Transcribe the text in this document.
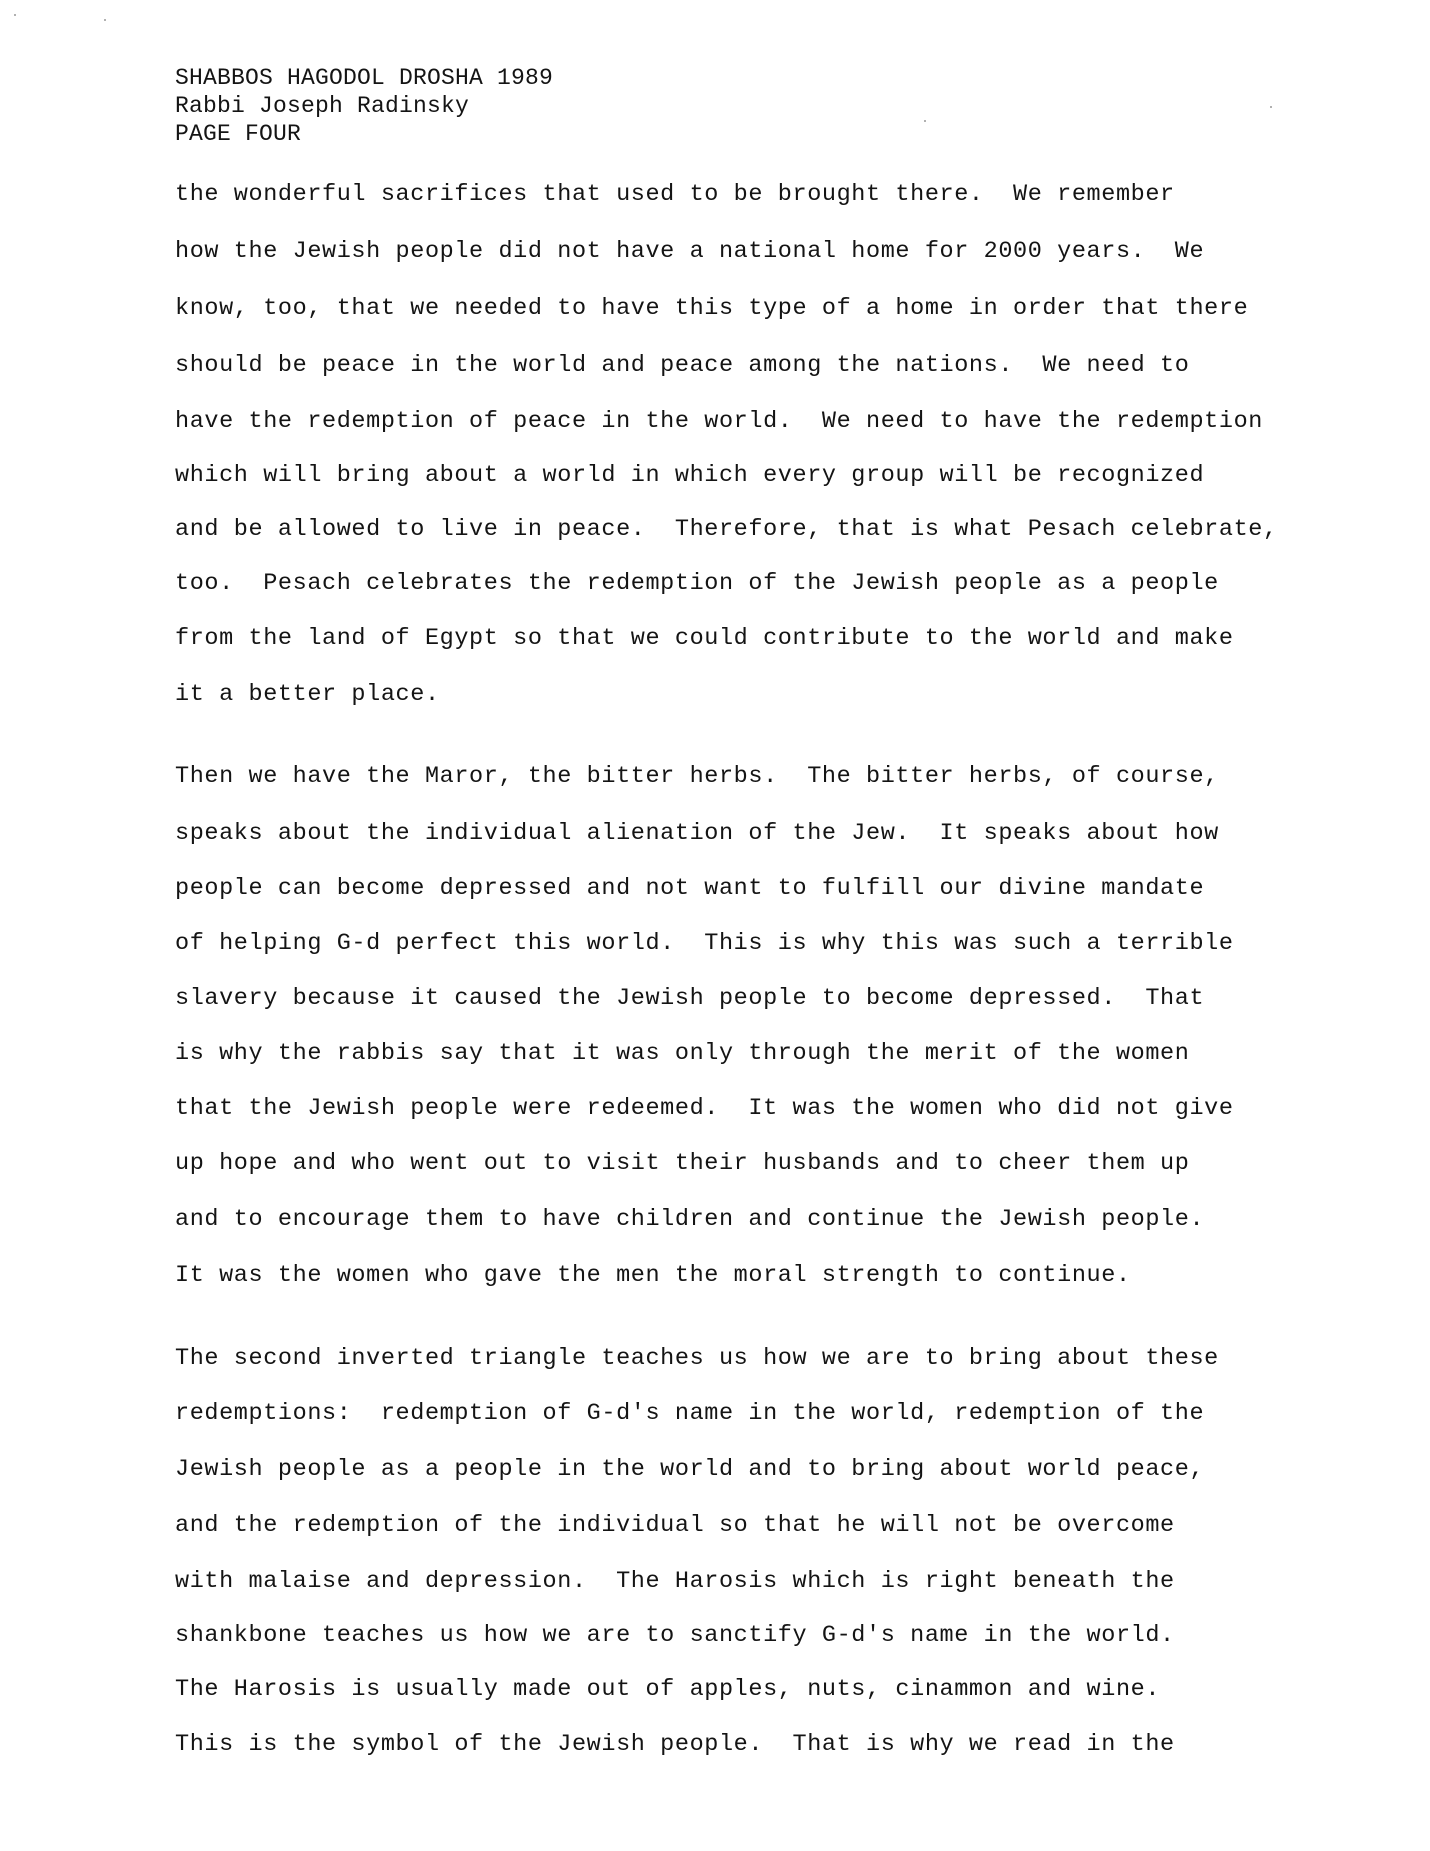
SHABBOS HAGODOL DROSHA 1989
Rabbi Joseph Radinsky
PAGE FOUR
the wonderful sacrifices that used to be brought there.  We remember
how the Jewish people did not have a national home for 2000 years.  We
know, too, that we needed to have this type of a home in order that there
should be peace in the world and peace among the nations.  We need to
have the redemption of peace in the world.  We need to have the redemption
which will bring about a world in which every group will be recognized
and be allowed to live in peace.  Therefore, that is what Pesach celebrate,
too.  Pesach celebrates the redemption of the Jewish people as a people
from the land of Egypt so that we could contribute to the world and make
it a better place.
Then we have the Maror, the bitter herbs.  The bitter herbs, of course,
speaks about the individual alienation of the Jew.  It speaks about how
people can become depressed and not want to fulfill our divine mandate
of helping G-d perfect this world.  This is why this was such a terrible
slavery because it caused the Jewish people to become depressed.  That
is why the rabbis say that it was only through the merit of the women
that the Jewish people were redeemed.  It was the women who did not give
up hope and who went out to visit their husbands and to cheer them up
and to encourage them to have children and continue the Jewish people.
It was the women who gave the men the moral strength to continue.
The second inverted triangle teaches us how we are to bring about these
redemptions:  redemption of G-d's name in the world, redemption of the
Jewish people as a people in the world and to bring about world peace,
and the redemption of the individual so that he will not be overcome
with malaise and depression.  The Harosis which is right beneath the
shankbone teaches us how we are to sanctify G-d's name in the world.
The Harosis is usually made out of apples, nuts, cinammon and wine.
This is the symbol of the Jewish people.  That is why we read in the
